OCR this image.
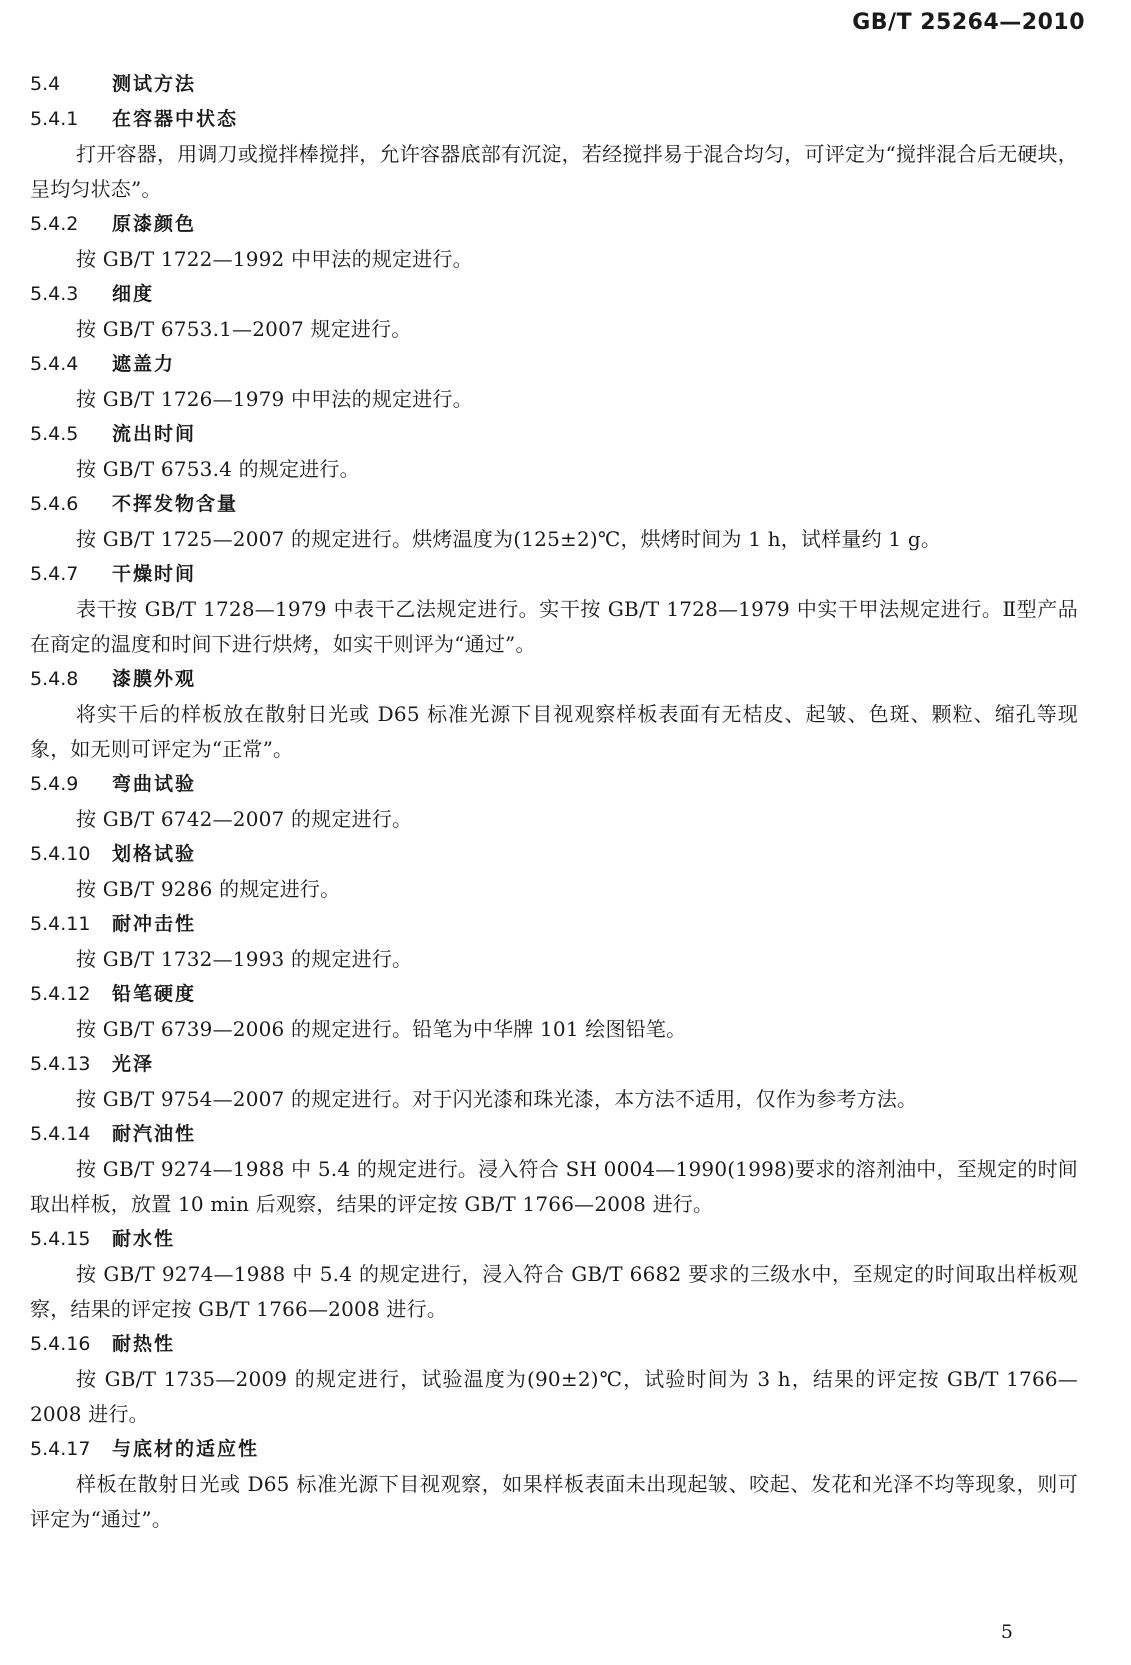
GB/T 25264—2010
5.4	测试方法
5.4.1 在容器中状态
打开容器，用调刀或搅拌棒搅拌，允许容器底部有沉淀，若经搅拌易于混合均匀，可评定为“搅拌混合后无硬块，呈均匀状态”。
5.4.2 原漆颜色
按 GB/T 1722—1992 中甲法的规定进行。
5.4.3 细度
按 GB/T 6753.1—2007 规定进行。
5.4.4 遮盖力
按 GB/T 1726—1979 中甲法的规定进行。
5.4.5 流出时间
按 GB/T 6753.4 的规定进行。
5.4.6 不挥发物含量
按 GB/T 1725—2007 的规定进行。烘烤温度为(125±2)℃，烘烤时间为 1 h，试样量约 1 g。
5.4.7 干燥时间
表干按 GB/T 1728—1979 中表干乙法规定进行。实干按 GB/T 1728—1979 中实干甲法规定进行。Ⅱ型产品在商定的温度和时间下进行烘烤，如实干则评为“通过”。
5.4.8 漆膜外观
将实干后的样板放在散射日光或 D65 标准光源下目视观察样板表面有无桔皮、起皱、色斑、颗粒、缩孔等现象，如无则可评定为“正常”。
5.4.9 弯曲试验
按 GB/T 6742—2007 的规定进行。
5.4.10 划格试验
按 GB/T 9286 的规定进行。
5.4.11 耐冲击性
按 GB/T 1732—1993 的规定进行。
5.4.12 铅笔硬度
按 GB/T 6739—2006 的规定进行。铅笔为中华牌 101 绘图铅笔。
5.4.13 光泽
按 GB/T 9754—2007 的规定进行。对于闪光漆和珠光漆，本方法不适用，仅作为参考方法。
5.4.14 耐汽油性
按 GB/T 9274—1988 中 5.4 的规定进行。浸入符合 SH 0004—1990(1998)要求的溶剂油中，至规定的时间取出样板，放置 10 min 后观察，结果的评定按 GB/T 1766—2008 进行。
5.4.15 耐水性
按 GB/T 9274—1988 中 5.4 的规定进行，浸入符合 GB/T 6682 要求的三级水中，至规定的时间取出样板观察，结果的评定按 GB/T 1766—2008 进行。
5.4.16 耐热性
按 GB/T 1735—2009 的规定进行，试验温度为(90±2)℃，试验时间为 3 h，结果的评定按 GB/T 1766—2008 进行。
5.4.17 与底材的适应性
样板在散射日光或 D65 标准光源下目视观察，如果样板表面未出现起皱、咬起、发花和光泽不均等现象，则可评定为“通过”。
5
